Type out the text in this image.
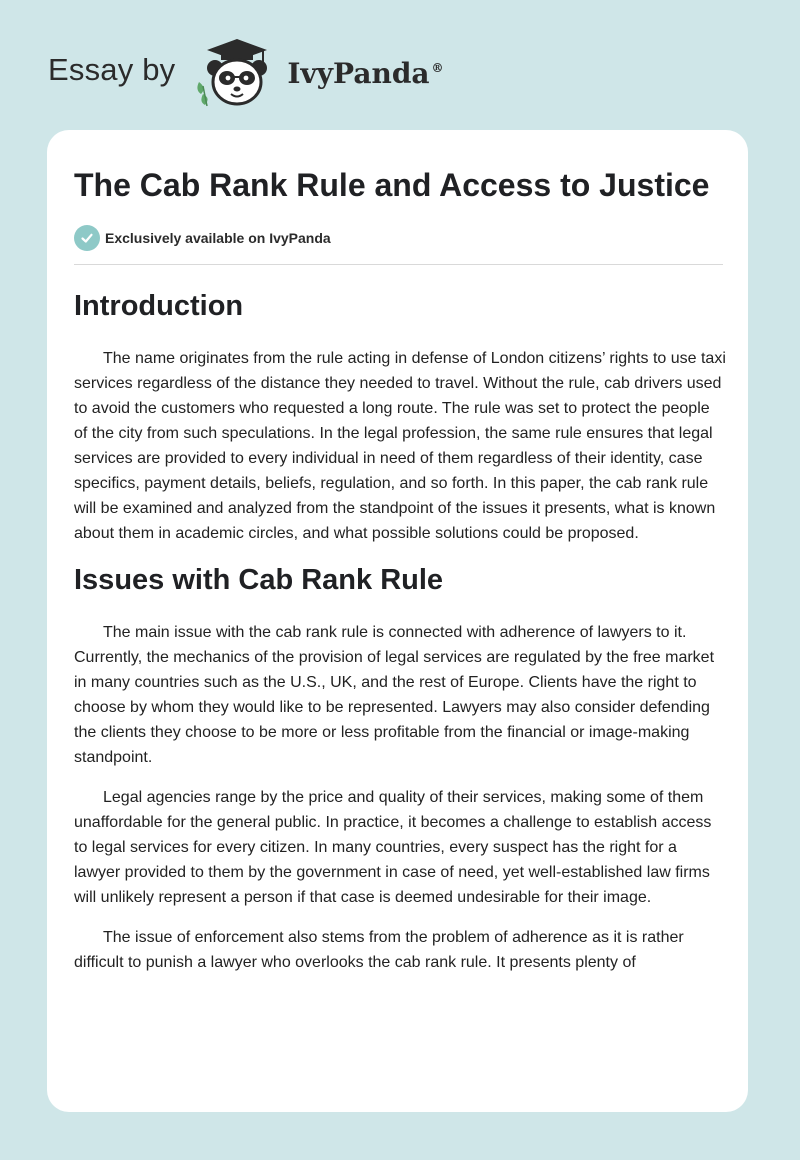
Essay by	IvyPanda ®
The Cab Rank Rule and Access to Justice
Exclusively available on IvyPanda
Introduction

The name originates from the rule acting in defense of London citizens’ rights to use taxi services regardless of the distance they needed to travel. Without the rule, cab drivers used to avoid the customers who requested a long route. The rule was set to protect the people of the city from such speculations. In the legal profession, the same rule ensures that legal services are provided to every individual in need of them regardless of their identity, case specifics, payment details, beliefs, regulation, and so forth. In this paper, the cab rank rule will be examined and analyzed from the standpoint of the issues it presents, what is known about them in academic circles, and what possible solutions could be proposed.

Issues with Cab Rank Rule

The main issue with the cab rank rule is connected with adherence of lawyers to it. Currently, the mechanics of the provision of legal services are regulated by the free market in many countries such as the U.S., UK, and the rest of Europe. Clients have the right to choose by whom they would like to be represented. Lawyers may also consider defending the clients they choose to be more or less profitable from the financial or image-making standpoint.

Legal agencies range by the price and quality of their services, making some of them unaffordable for the general public. In practice, it becomes a challenge to establish access to legal services for every citizen. In many countries, every suspect has the right for a lawyer provided to them by the government in case of need, yet well-established law firms will unlikely represent a person if that case is deemed undesirable for their image.

The issue of enforcement also stems from the problem of adherence as it is rather difficult to punish a lawyer who overlooks the cab rank rule. It presents plenty of
